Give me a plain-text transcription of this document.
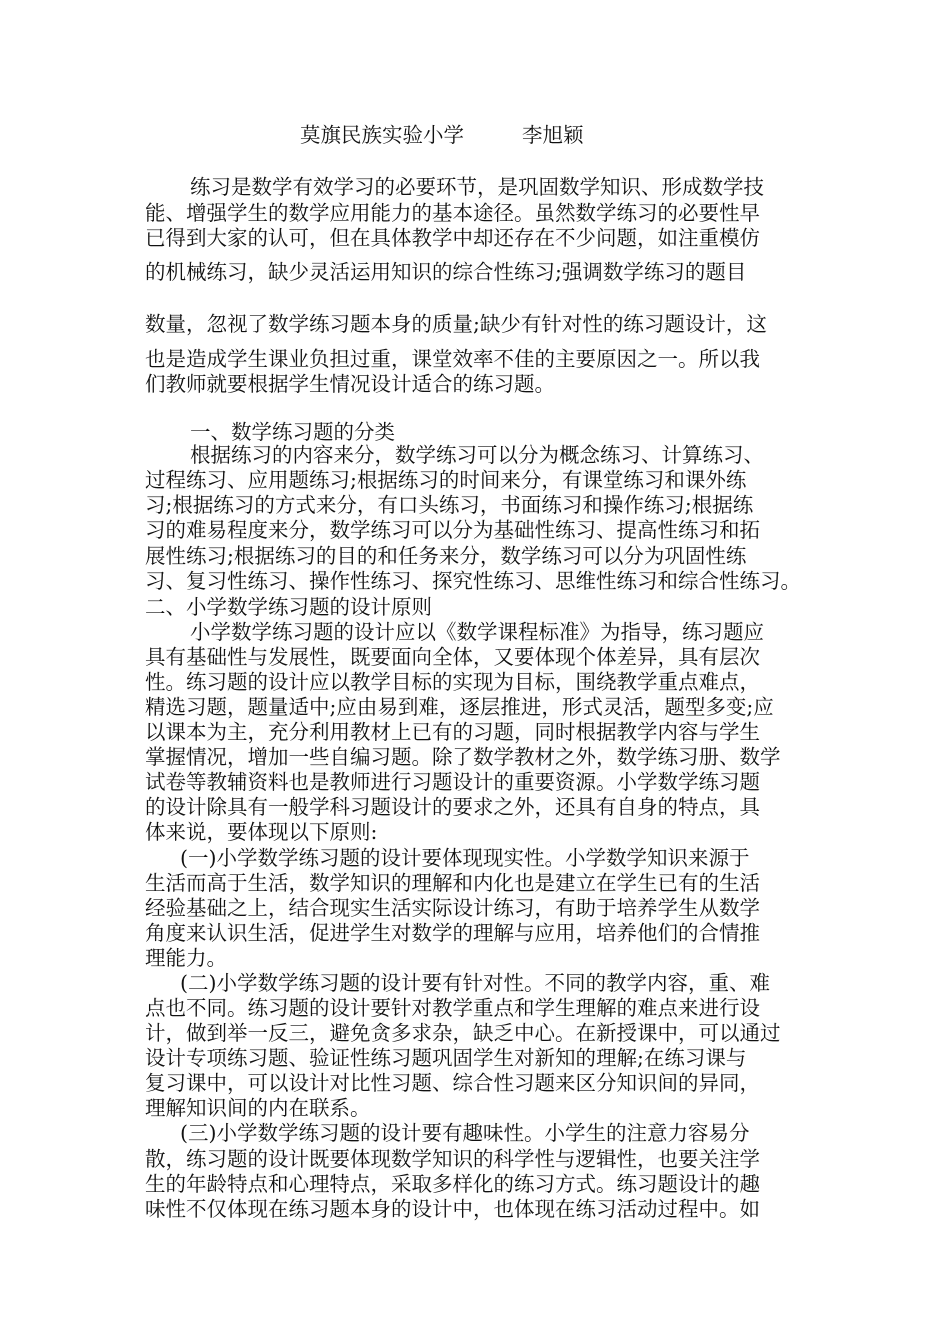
莫旗民族实验小学	李旭颖
练习是数学有效学习的必要环节，是巩固数学知识、形成数学技
能、增强学生的数学应用能力的基本途径。虽然数学练习的必要性早
已得到大家的认可，但在具体教学中却还存在不少问题，如注重模仿
的机械练习，缺少灵活运用知识的综合性练习;强调数学练习的题目
数量，忽视了数学练习题本身的质量;缺少有针对性的练习题设计，这
也是造成学生课业负担过重，课堂效率不佳的主要原因之一。所以我
们教师就要根据学生情况设计适合的练习题。
一、数学练习题的分类
根据练习的内容来分，数学练习可以分为概念练习、计算练习、
过程练习、应用题练习;根据练习的时间来分，有课堂练习和课外练
习;根据练习的方式来分，有口头练习，书面练习和操作练习;根据练
习的难易程度来分，数学练习可以分为基础性练习、提高性练习和拓
展性练习;根据练习的目的和任务来分，数学练习可以分为巩固性练
习、复习性练习、操作性练习、探究性练习、思维性练习和综合性练习。
二、小学数学练习题的设计原则
小学数学练习题的设计应以《数学课程标准》为指导，练习题应
具有基础性与发展性，既要面向全体，又要体现个体差异，具有层次
性。练习题的设计应以教学目标的实现为目标，围绕教学重点难点，
精选习题，题量适中;应由易到难，逐层推进，形式灵活，题型多变;应
以课本为主，充分利用教材上已有的习题，同时根据教学内容与学生
掌握情况，增加一些自编习题。除了数学教材之外，数学练习册、数学
试卷等教辅资料也是教师进行习题设计的重要资源。小学数学练习题
的设计除具有一般学科习题设计的要求之外，还具有自身的特点，具
体来说，要体现以下原则:
(一)小学数学练习题的设计要体现现实性。小学数学知识来源于
生活而高于生活，数学知识的理解和内化也是建立在学生已有的生活
经验基础之上，结合现实生活实际设计练习，有助于培养学生从数学
角度来认识生活，促进学生对数学的理解与应用，培养他们的合情推
理能力。
(二)小学数学练习题的设计要有针对性。不同的教学内容，重、难
点也不同。练习题的设计要针对教学重点和学生理解的难点来进行设
计，做到举一反三，避免贪多求杂，缺乏中心。在新授课中，可以通过
设计专项练习题、验证性练习题巩固学生对新知的理解;在练习课与
复习课中，可以设计对比性习题、综合性习题来区分知识间的异同，
理解知识间的内在联系。
(三)小学数学练习题的设计要有趣味性。小学生的注意力容易分
散，练习题的设计既要体现数学知识的科学性与逻辑性，也要关注学
生的年龄特点和心理特点，采取多样化的练习方式。练习题设计的趣
味性不仅体现在练习题本身的设计中，也体现在练习活动过程中。如
